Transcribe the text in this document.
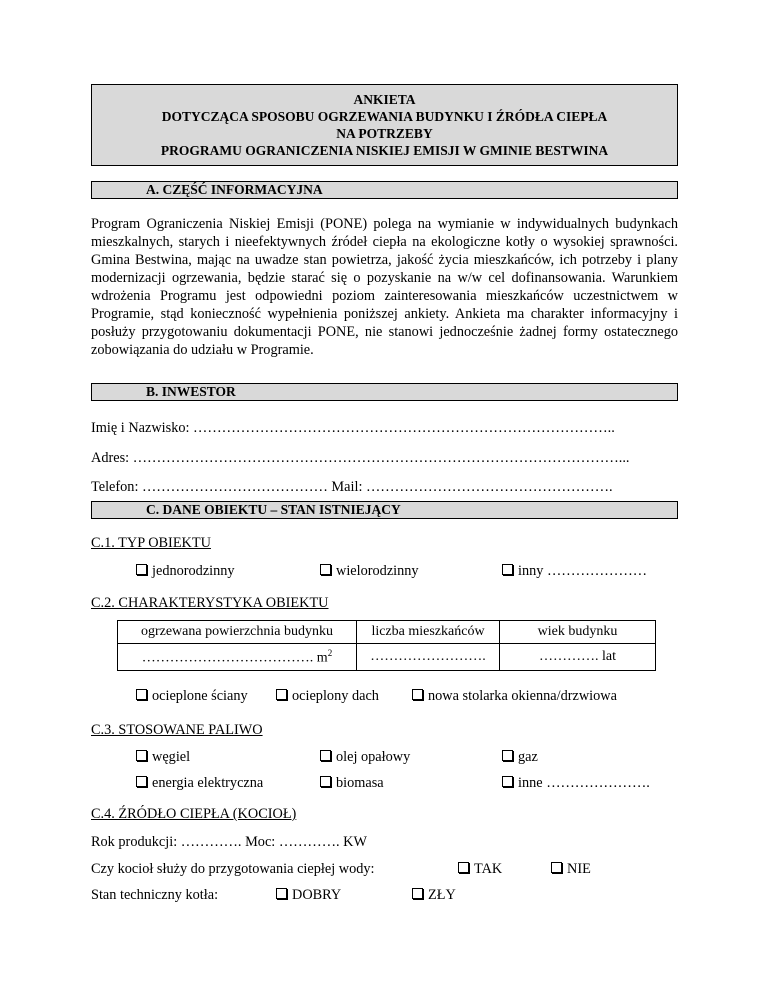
ANKIETA
DOTYCZĄCA SPOSOBU OGRZEWANIA BUDYNKU I ŹRÓDŁA CIEPŁA
NA POTRZEBY
PROGRAMU OGRANICZENIA NISKIEJ EMISJI W GMINIE BESTWINA
A. CZĘŚĆ INFORMACYJNA
Program Ograniczenia Niskiej Emisji (PONE) polega na wymianie w indywidualnych budynkach mieszkalnych, starych i nieefektywnych źródeł ciepła na ekologiczne kotły o wysokiej sprawności. Gmina Bestwina, mając na uwadze stan powietrza, jakość życia mieszkańców, ich potrzeby i plany modernizacji ogrzewania, będzie starać się o pozyskanie na w/w cel dofinansowania. Warunkiem wdrożenia Programu jest odpowiedni poziom zainteresowania mieszkańców uczestnictwem w Programie, stąd konieczność wypełnienia poniższej ankiety. Ankieta ma charakter informacyjny i posłuży przygotowaniu dokumentacji PONE, nie stanowi jednocześnie żadnej formy ostatecznego zobowiązania do udziału w Programie.
B. INWESTOR
Imię i Nazwisko: ……………………………………………………………………………..
Adres: …………………………………………………………………………………………...
Telefon: ………………………………… Mail: …………………………………………….
C. DANE OBIEKTU – STAN ISTNIEJĄCY
C.1. TYP OBIEKTU
jednorodzinny	wielorodzinny	inny …………………
C.2. CHARAKTERYSTYKA OBIEKTU
ogrzewana powierzchnia budynku	liczba mieszkańców	wiek budynku
………………………………. $m^2$	…………………….	…………. lat
ocieplone ściany	ocieplony dach	nowa stolarka okienna/drzwiowa
C.3. STOSOWANE PALIWO
węgiel	olej opałowy	gaz
energia elektryczna	biomasa	inne ………………….
C.4. ŹRÓDŁO CIEPŁA (KOCIOŁ)
Rok produkcji: …………. Moc: …………. KW
Czy kocioł służy do przygotowania ciepłej wody:	TAK	NIE
Stan techniczny kotła:	DOBRY	ZŁY
